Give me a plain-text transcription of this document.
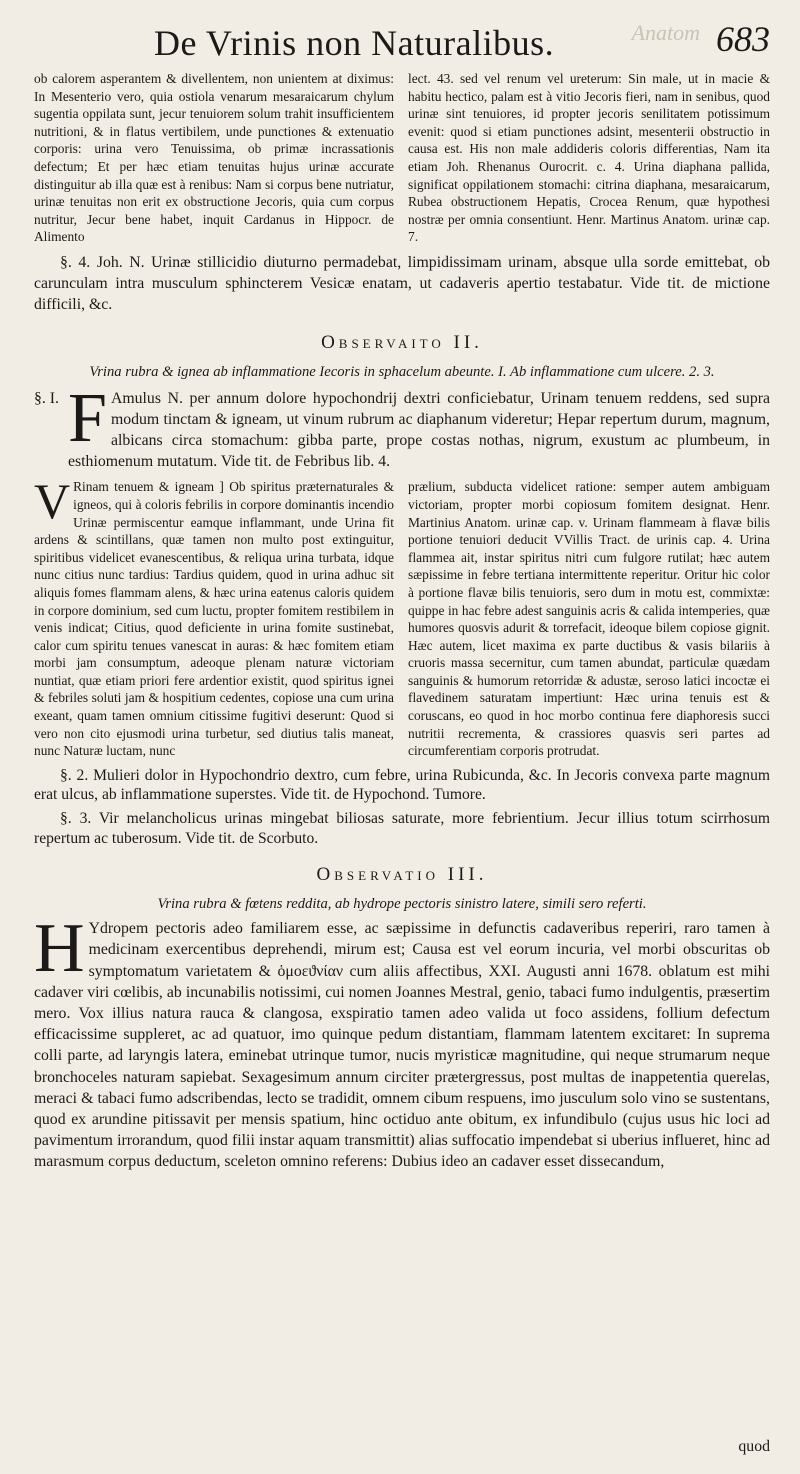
Anatom
De Vrinis non Naturalibus.	683

ob calorem asperantem & divellentem, non unientem at diximus: In Mesenterio vero, quia ostiola venarum mesaraicarum chylum sugentia oppilata sunt, jecur tenuiorem solum trahit insufficientem nutritioni, & in flatus vertibilem, unde punctiones & extenuatio corporis: urina vero Tenuissima, ob primæ incrassationis defectum; Et per hæc etiam tenuitas hujus urinæ accurate distinguitur ab illa quæ est à renibus: Nam si corpus bene nutriatur, urinæ tenuitas non erit ex obstructione Jecoris, quia cum corpus nutritur, Jecur bene habet, inquit Cardanus in Hippocr. de Alimento

lect. 43. sed vel renum vel ureterum: Sin male, ut in macie & habitu hectico, palam est à vitio Jecoris fieri, nam in senibus, quod urinæ sint tenuiores, id propter jecoris senilitatem potissimum evenit: quod si etiam punctiones adsint, mesenterii obstructio in causa est. His non male addideris coloris differentias, Nam ita etiam Joh. Rhenanus Ourocrit. c. 4. Urina diaphana pallida, significat oppilationem stomachi: citrina diaphana, mesaraicarum, Rubea obstructionem Hepatis, Crocea Renum, quæ hypothesi nostræ per omnia consentiunt. Henr. Martinus Anatom. urinæ cap. 7.

§. 4. Joh. N. Urinæ stillicidio diuturno permadebat, limpidissimam urinam, absque ulla sorde emittebat, ob carunculam intra musculum sphincterem Vesicæ enatam, ut cadaveris apertio testabatur. Vide tit. de mictione difficili, &c.

Observaito II.
Vrina rubra & ignea ab inflammatione Iecoris in sphacelum abeunte. I. Ab inflammatione cum ulcere. 2. 3.
§. I. F Amulus N. per annum dolore hypochondrij dextri conficiebatur, Urinam tenuem reddens, sed supra modum tinctam & igneam, ut vinum rubrum ac diaphanum videretur; Hepar repertum durum, magnum, albicans circa stomachum: gibba parte, prope costas nothas, nigrum, exustum ac plumbeum, in esthiomenum mutatum. Vide tit. de Febribus lib. 4.

V Rinam tenuem & igneam ] Ob spiritus præternaturales & igneos, qui à coloris febrilis in corpore dominantis incendio Urinæ permiscentur eamque inflammant, unde Urina fit ardens & scintillans, quæ tamen non multo post extinguitur, spiritibus videlicet evanescentibus, & reliqua urina turbata, idque nunc citius nunc tardius: Tardius quidem, quod in urina adhuc sit aliquis fomes flammam alens, & hæc urina eatenus caloris quidem in corpore dominium, sed cum luctu, propter fomitem restibilem in venis indicat; Citius, quod deficiente in urina fomite sustinebat, calor cum spiritu tenues vanescat in auras: & hæc fomitem etiam morbi jam consumptum, adeoque plenam naturæ victoriam nuntiat, quæ etiam priori fere ardentior existit, quod spiritus ignei & febriles soluti jam & hospitium cedentes, copiose una cum urina exeant, quam tamen omnium citissime fugitivi deserunt: Quod si vero non cito ejusmodi urina turbetur, sed diutius talis maneat, nunc Naturæ luctam, nunc

prælium, subducta videlicet ratione: semper autem ambiguam victoriam, propter morbi copiosum fomitem designat. Henr. Martinius Anatom. urinæ cap. v. Urinam flammeam à flavæ bilis portione tenuiori deducit VVillis Tract. de urinis cap. 4. Urina flammea ait, instar spiritus nitri cum fulgore rutilat; hæc autem sæpissime in febre tertiana intermittente reperitur. Oritur hic color à portione flavæ bilis tenuioris, sero dum in motu est, commixtæ: quippe in hac febre adest sanguinis acris & calida intemperies, quæ humores quosvis adurit & torrefacit, ideoque bilem copiose gignit. Hæc autem, licet maxima ex parte ductibus & vasis bilariis à cruoris massa secernitur, cum tamen abundat, particulæ quædam sanguinis & humorum retorridæ & adustæ, seroso latici incoctæ ei flavedinem saturatam impertiunt: Hæc urina tenuis est & coruscans, eo quod in hoc morbo continua fere diaphoresis succi nutritii recrementa, & crassiores quasvis seri partes ad circumferentiam corporis protrudat.

§. 2. Mulieri dolor in Hypochondrio dextro, cum febre, urina Rubicunda, &c. In Jecoris convexa parte magnum erat ulcus, ab inflammatione superstes. Vide tit. de Hypochond. Tumore.

§. 3. Vir melancholicus urinas mingebat biliosas saturate, more febrientium. Jecur illius totum scirrhosum repertum ac tuberosum. Vide tit. de Scorbuto.

Observatio III.
Vrina rubra & fœtens reddita, ab hydrope pectoris sinistro latere, simili sero referti.

H Ydropem pectoris adeo familiarem esse, ac sæpissime in defunctis cadaveribus reperiri, raro tamen à medicinam exercentibus deprehendi, mirum est; Causa est vel eorum incuria, vel morbi obscuritas ob symptomatum varietatem & ὁμοεϑνίαν cum aliis affectibus, XXI. Augusti anni 1678. oblatum est mihi cadaver viri cœlibis, ab incunabilis notissimi, cui nomen Joannes Mestral, genio, tabaci fumo indulgentis, præsertim mero. Vox illius natura rauca & clangosa, exspiratio tamen adeo valida ut foco assidens, follium defectum efficacissime suppleret, ac ad quatuor, imo quinque pedum distantiam, flammam latentem excitaret: In suprema colli parte, ad laryngis latera, eminebat utrinque tumor, nucis myristicæ magnitudine, qui neque strumarum neque bronchoceles naturam sapiebat. Sexagesimum annum circiter prætergressus, post multas de inappetentia querelas, meraci & tabaci fumo adscribendas, lecto se tradidit, omnem cibum respuens, imo jusculum solo vino se sustentans, quod ex arundine pitissavit per mensis spatium, hinc octiduo ante obitum, ex infundibulo (cujus usus hic loci ad pavimentum irrorandum, quod filii instar aquam transmittit) alias suffocatio impendebat si uberius influeret, hinc ad marasmum corpus deductum, sceleton omnino referens: Dubius ideo an cadaver esset dissecandum,

quod
